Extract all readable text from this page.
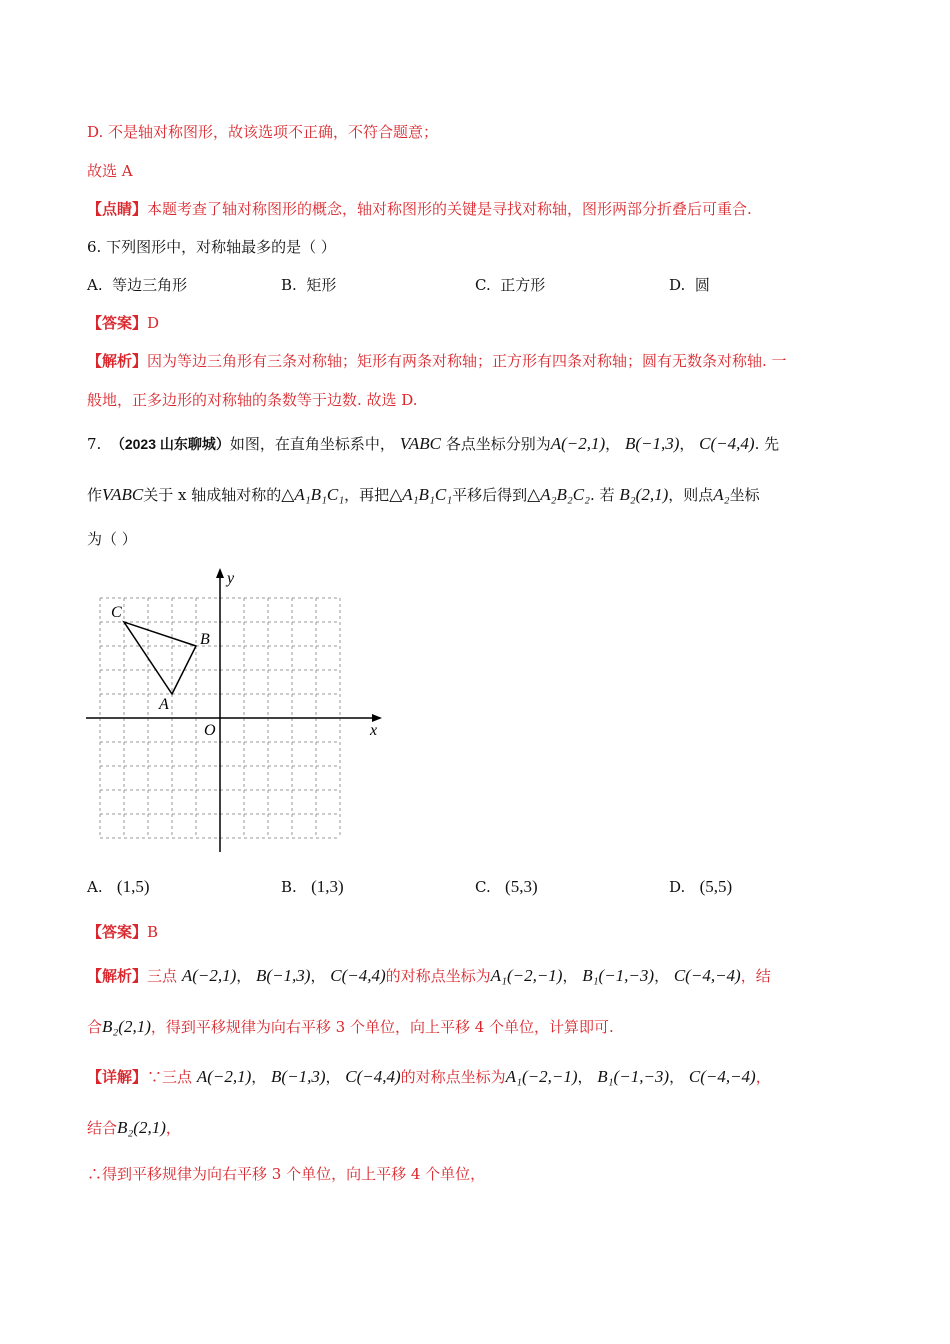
D. 不是轴对称图形，故该选项不正确，不符合题意；
故选 A
【点睛】本题考查了轴对称图形的概念，轴对称图形的关键是寻找对称轴，图形两部分折叠后可重合.
6. 下列图形中，对称轴最多的是（ ）
A. 等边三角形	B. 矩形	C. 正方形	D. 圆
【答案】D
【解析】因为等边三角形有三条对称轴；矩形有两条对称轴；正方形有四条对称轴；圆有无数条对称轴. 一
般地，正多边形的对称轴的条数等于边数. 故选 D.
7. （2023 山东聊城）如图，在直角坐标系中， VABC 各点坐标分别为A(−2,1)， B(−1,3)， C(−4,4). 先
作VABC关于 x 轴成轴对称的△A₁B₁C₁，再把△A₁B₁C₁平移后得到△A₂B₂C₂. 若 B₂(2,1)，则点A₂坐标
为（ ）
x
y
O
A
B
C
A. (1,5)	B. (1,3)	C. (5,3)	D. (5,5)
【答案】B
【解析】三点 A(−2,1)， B(−1,3)， C(−4,4)的对称点坐标为A₁(−2,−1)， B₁(−1,−3)， C(−4,−4)，结
合B₂(2,1)，得到平移规律为向右平移 3 个单位，向上平移 4 个单位，计算即可.
【详解】∵三点 A(−2,1)， B(−1,3)， C(−4,4)的对称点坐标为A₁(−2,−1)， B₁(−1,−3)， C(−4,−4)，
结合B₂(2,1)，
∴得到平移规律为向右平移 3 个单位，向上平移 4 个单位，
